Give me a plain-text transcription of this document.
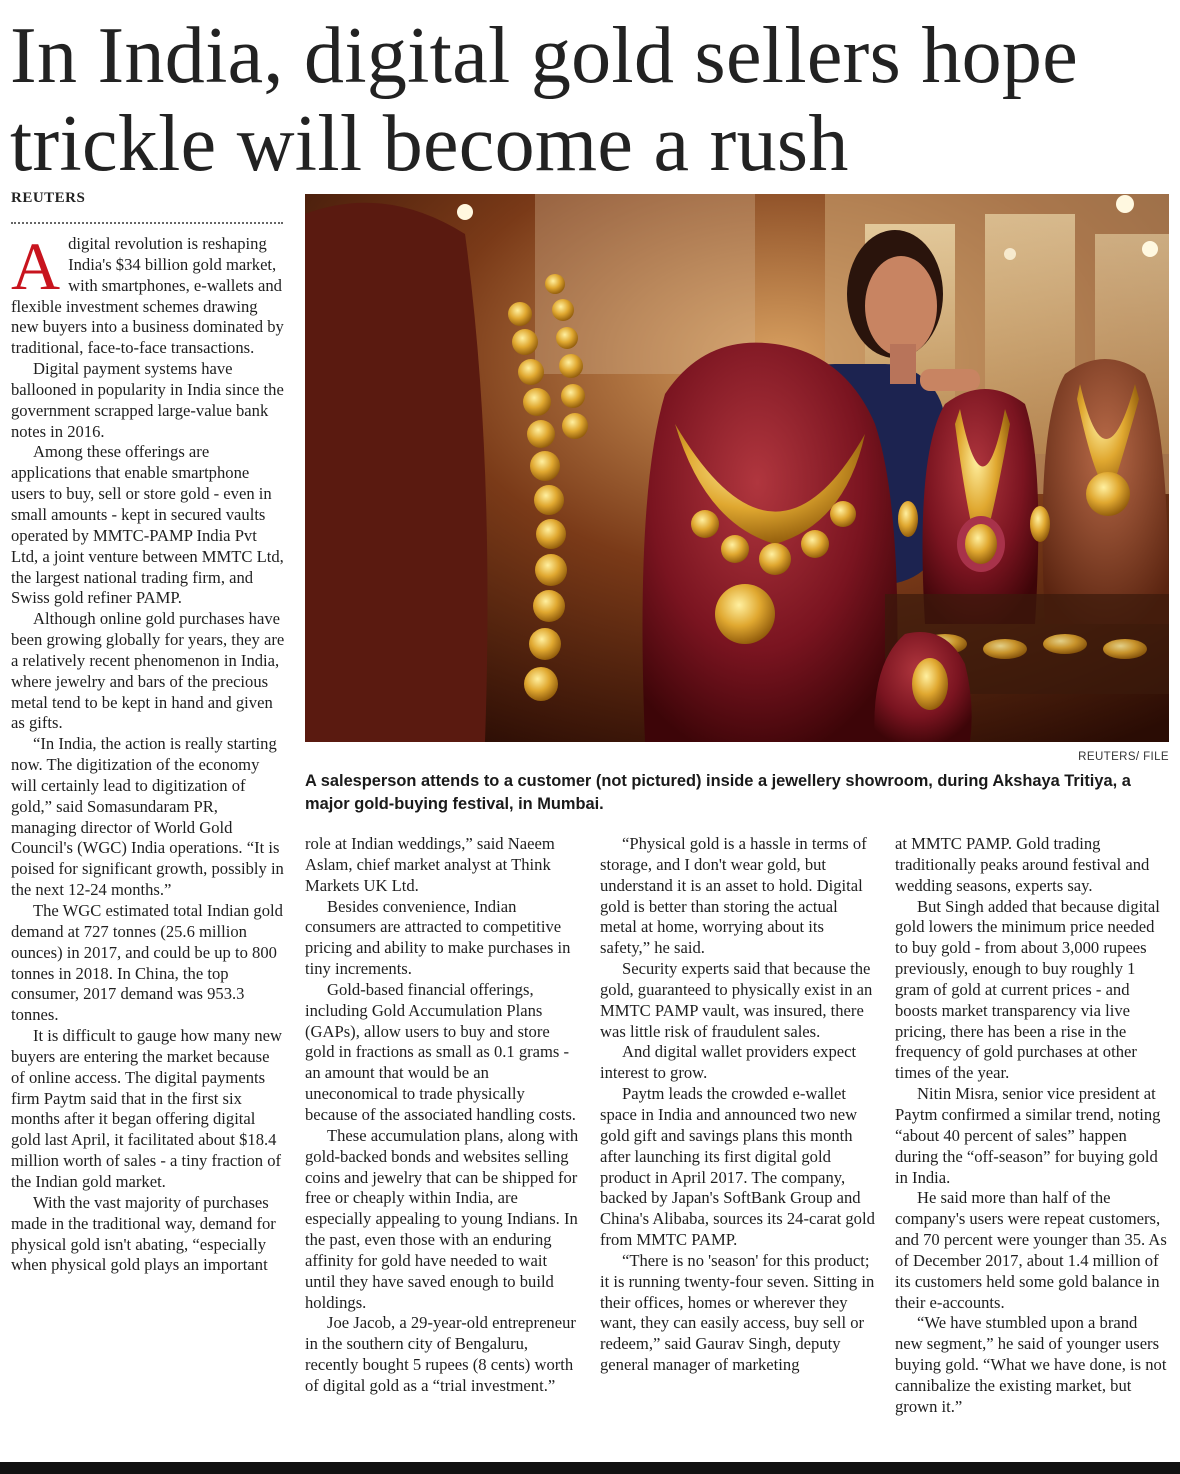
In India, digital gold sellers hope trickle will become a rush
REUTERS
REUTERS/ FILE
A salesperson attends to a customer (not pictured) inside a jewellery showroom, during Akshaya Tritiya, a major gold-buying festival, in Mumbai.

Adigital revolution is reshaping India's $34 billion gold market, with smartphones, e-wallets and flexible investment schemes drawing new buyers into a business dominated by traditional, face-to-face transactions.

Digital payment systems have ballooned in popularity in India since the government scrapped large-value bank notes in 2016.

Among these offerings are applications that enable smartphone users to buy, sell or store gold - even in small amounts - kept in secured vaults operated by MMTC-PAMP India Pvt Ltd, a joint venture between MMTC Ltd, the largest national trading firm, and Swiss gold refiner PAMP.

Although online gold purchases have been growing globally for years, they are a relatively recent phenomenon in India, where jewelry and bars of the precious metal tend to be kept in hand and given as gifts.

“In India, the action is really starting now. The digitization of the economy will certainly lead to digitization of gold,” said Somasundaram PR, managing director of World Gold Council's (WGC) India operations. “It is poised for significant growth, possibly in the next 12-24 months.”

The WGC estimated total Indian gold demand at 727 tonnes (25.6 million ounces) in 2017, and could be up to 800 tonnes in 2018. In China, the top consumer, 2017 demand was 953.3 tonnes.

It is difficult to gauge how many new buyers are entering the market because of online access. The digital payments firm Paytm said that in the first six months after it began offering digital gold last April, it facilitated about $18.4 million worth of sales - a tiny fraction of the Indian gold market.

With the vast majority of purchases made in the traditional way, demand for physical gold isn't abating, “especially when physical gold plays an important

role at Indian weddings,” said Naeem Aslam, chief market analyst at Think Markets UK Ltd.

Besides convenience, Indian consumers are attracted to competitive pricing and ability to make purchases in tiny increments.

Gold-based financial offerings, including Gold Accumulation Plans (GAPs), allow users to buy and store gold in fractions as small as 0.1 grams - an amount that would be an uneconomical to trade physically because of the associated handling costs.

These accumulation plans, along with gold-backed bonds and websites selling coins and jewelry that can be shipped for free or cheaply within India, are especially appealing to young Indians. In the past, even those with an enduring affinity for gold have needed to wait until they have saved enough to build holdings.

Joe Jacob, a 29-year-old entrepreneur in the southern city of Bengaluru, recently bought 5 rupees (8 cents) worth of digital gold as a “trial investment.”

“Physical gold is a hassle in terms of storage, and I don't wear gold, but understand it is an asset to hold. Digital gold is better than storing the actual metal at home, worrying about its safety,” he said.

Security experts said that because the gold, guaranteed to physically exist in an MMTC PAMP vault, was insured, there was little risk of fraudulent sales.

And digital wallet providers expect interest to grow.

Paytm leads the crowded e-wallet space in India and announced two new gold gift and savings plans this month after launching its first digital gold product in April 2017. The company, backed by Japan's SoftBank Group and China's Alibaba, sources its 24-carat gold from MMTC PAMP.

“There is no 'season' for this product; it is running twenty-four seven. Sitting in their offices, homes or wherever they want, they can easily access, buy sell or redeem,” said Gaurav Singh, deputy general manager of marketing

at MMTC PAMP. Gold trading traditionally peaks around festival and wedding seasons, experts say.

But Singh added that because digital gold lowers the minimum price needed to buy gold - from about 3,000 rupees previously, enough to buy roughly 1 gram of gold at current prices - and boosts market transparency via live pricing, there has been a rise in the frequency of gold purchases at other times of the year.

Nitin Misra, senior vice president at Paytm confirmed a similar trend, noting “about 40 percent of sales” happen during the “off-season” for buying gold in India.

He said more than half of the company's users were repeat customers, and 70 percent were younger than 35. As of December 2017, about 1.4 million of its customers held some gold balance in their e-accounts.

“We have stumbled upon a brand new segment,” he said of younger users buying gold. “What we have done, is not cannibalize the existing market, but grown it.”
